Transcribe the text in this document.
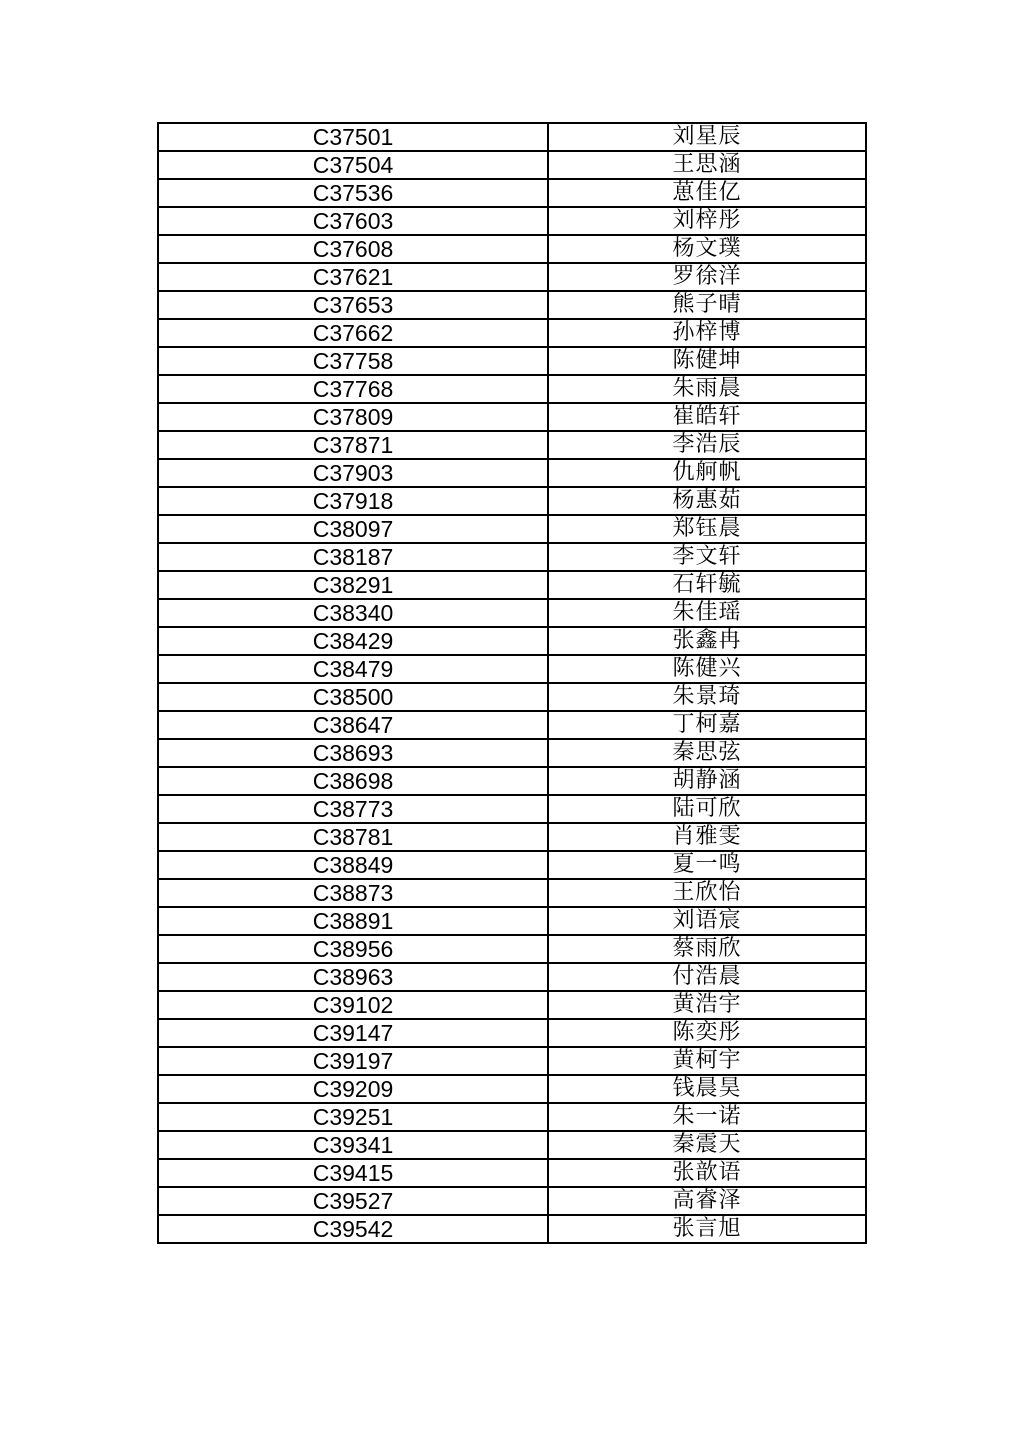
C37501	刘星辰
C37504	王思涵
C37536	葸佳亿
C37603	刘梓彤
C37608	杨文璞
C37621	罗徐洋
C37653	熊子晴
C37662	孙梓博
C37758	陈健坤
C37768	朱雨晨
C37809	崔皓轩
C37871	李浩辰
C37903	仇舸帆
C37918	杨惠茹
C38097	郑钰晨
C38187	李文轩
C38291	石轩毓
C38340	朱佳瑶
C38429	张鑫冉
C38479	陈健兴
C38500	朱景琦
C38647	丁柯嘉
C38693	秦思弦
C38698	胡静涵
C38773	陆可欣
C38781	肖雅雯
C38849	夏一鸣
C38873	王欣怡
C38891	刘语宸
C38956	蔡雨欣
C38963	付浩晨
C39102	黄浩宇
C39147	陈奕彤
C39197	黄柯宇
C39209	钱晨昊
C39251	朱一诺
C39341	秦震天
C39415	张歆语
C39527	高睿泽
C39542	张言旭
